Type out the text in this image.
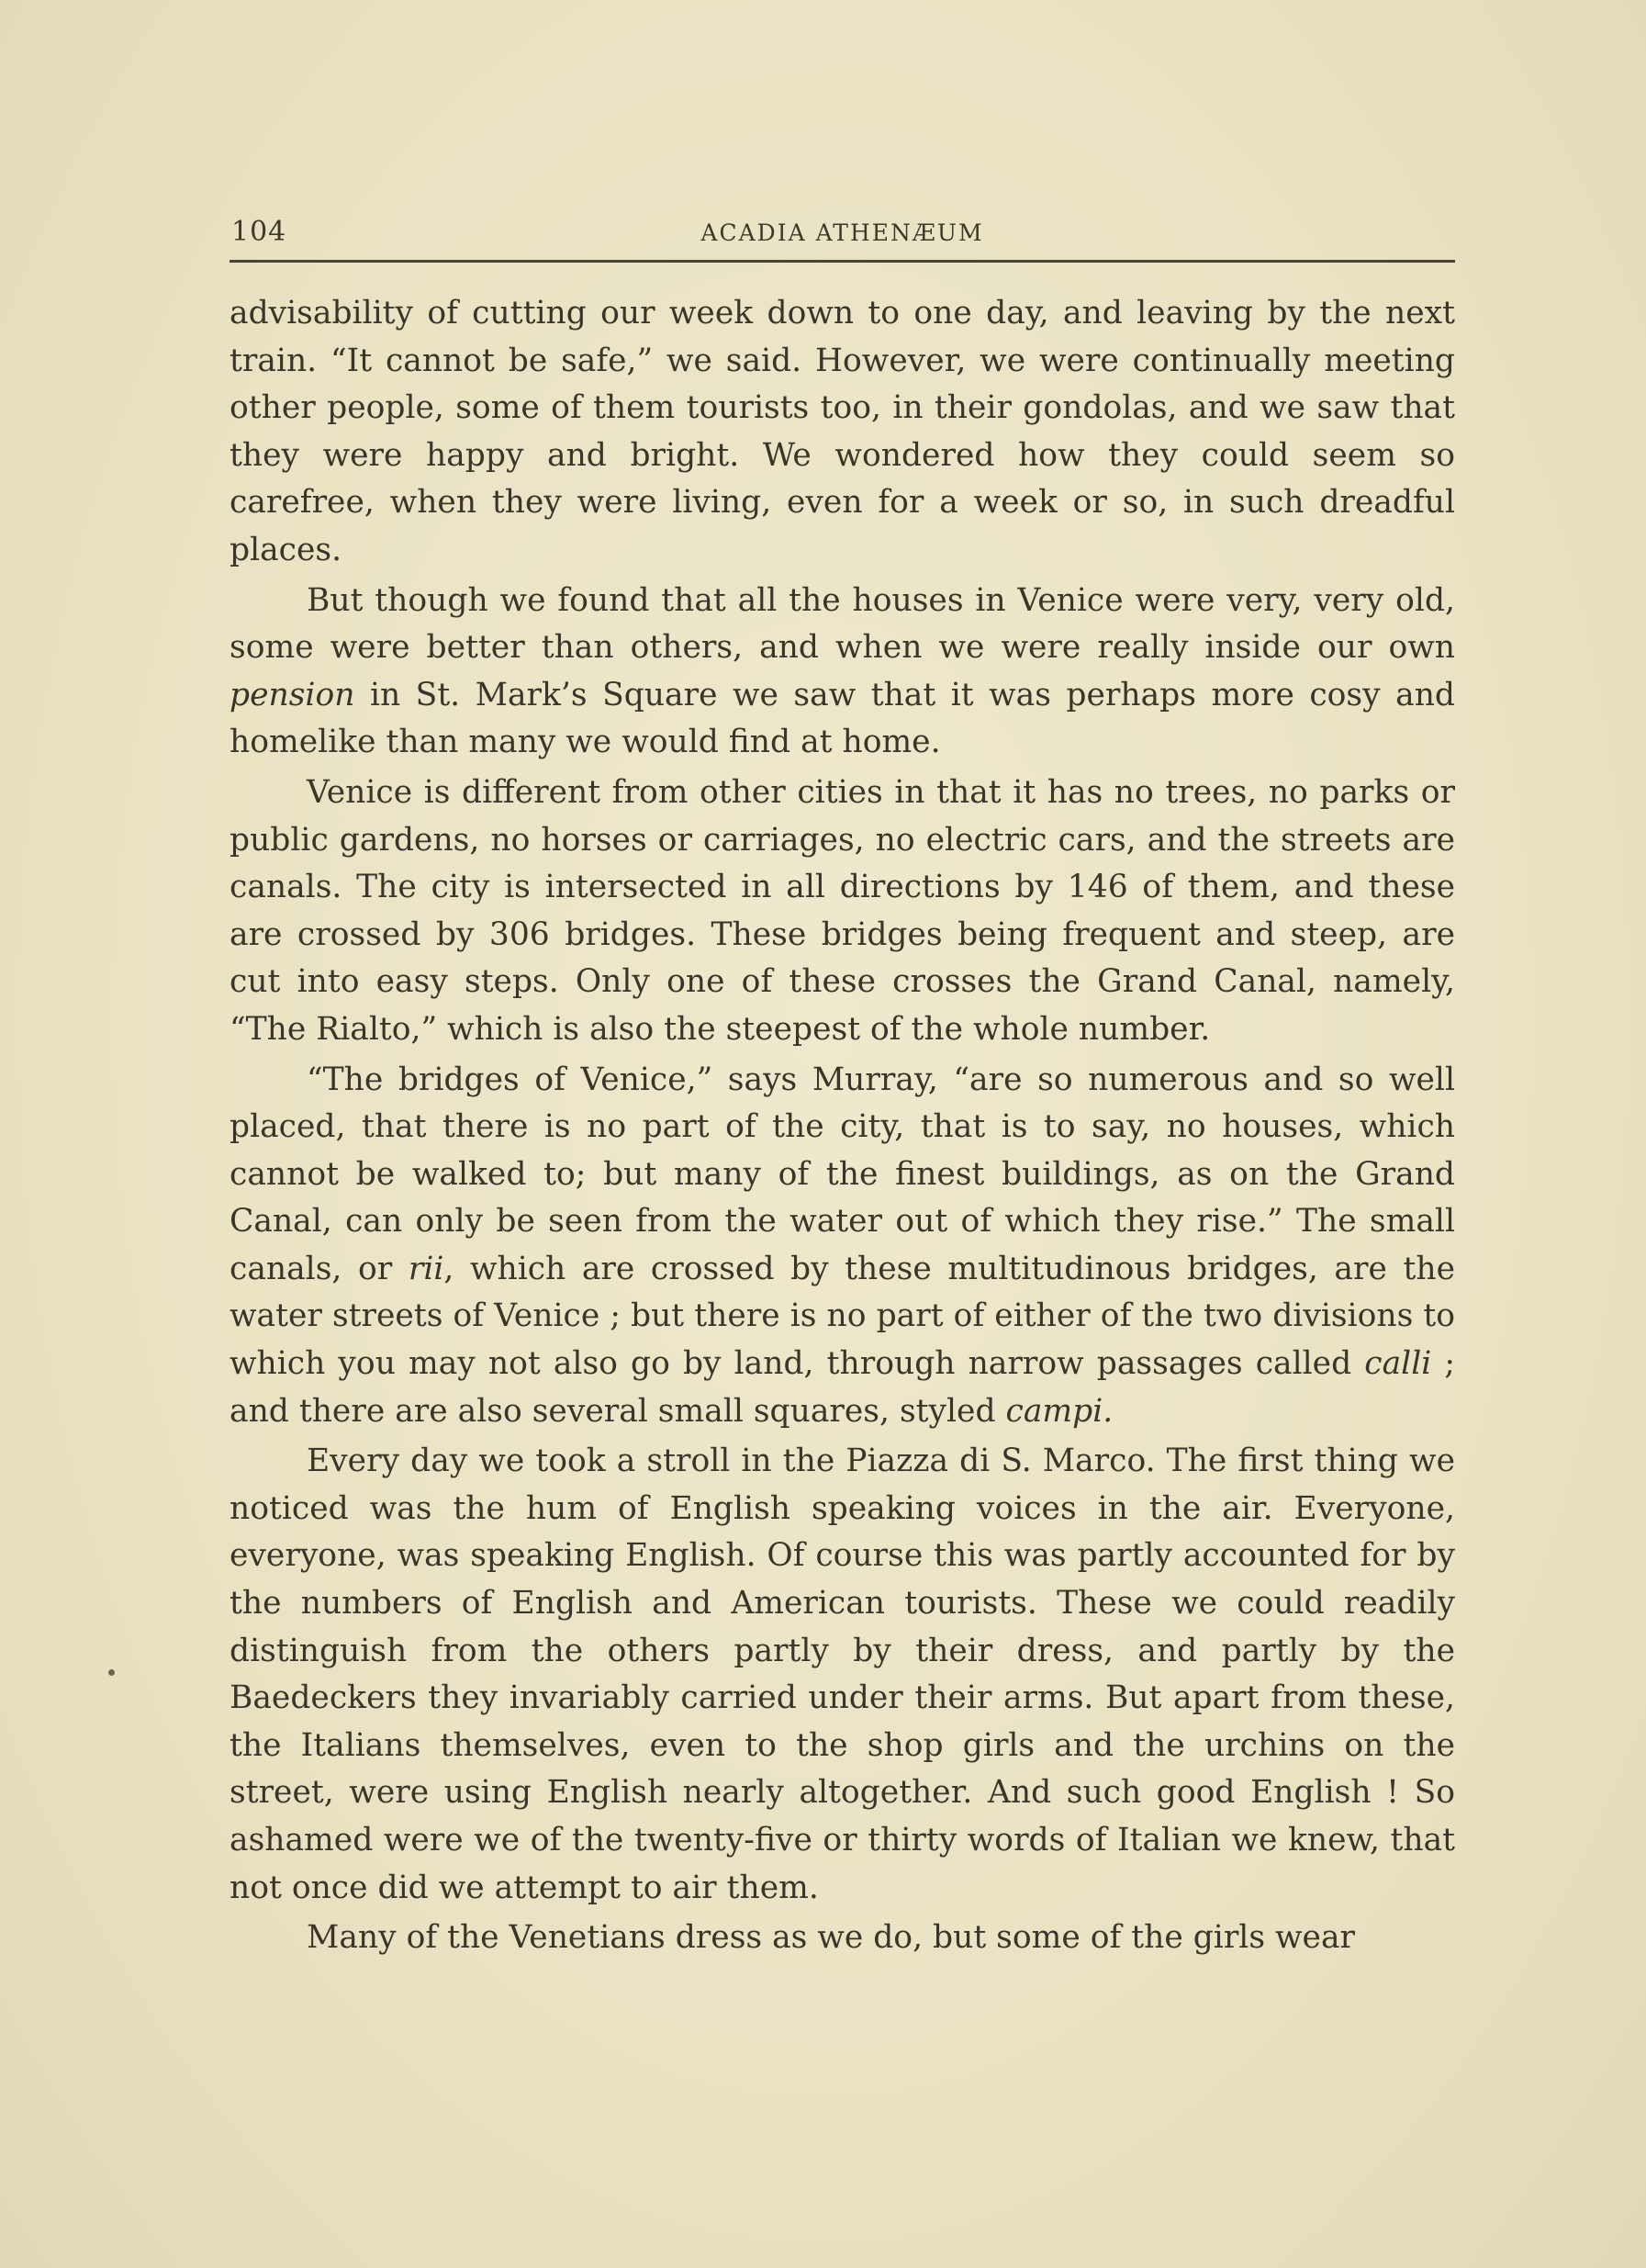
104	ACADIA ATHENÆUM

advisability of cutting our week down to one day, and leaving by the next train. “It cannot be safe,” we said. However, we were continually meeting other people, some of them tourists too, in their gondolas, and we saw that they were happy and bright. We wondered how they could seem so carefree, when they were living, even for a week or so, in such dreadful places.

But though we found that all the houses in Venice were very, very old, some were better than others, and when we were really inside our own pension in St. Mark’s Square we saw that it was perhaps more cosy and homelike than many we would find at home.

Venice is different from other cities in that it has no trees, no parks or public gardens, no horses or carriages, no electric cars, and the streets are canals. The city is intersected in all directions by 146 of them, and these are crossed by 306 bridges. These bridges being frequent and steep, are cut into easy steps. Only one of these crosses the Grand Canal, namely, “The Rialto,” which is also the steepest of the whole number.

“The bridges of Venice,” says Murray, “are so numerous and so well placed, that there is no part of the city, that is to say, no houses, which cannot be walked to; but many of the finest buildings, as on the Grand Canal, can only be seen from the water out of which they rise.” The small canals, or rii, which are crossed by these multitudinous bridges, are the water streets of Venice ; but there is no part of either of the two divisions to which you may not also go by land, through narrow passages called calli ; and there are also several small squares, styled campi.

Every day we took a stroll in the Piazza di S. Marco. The first thing we noticed was the hum of English speaking voices in the air. Everyone, everyone, was speaking English. Of course this was partly accounted for by the numbers of English and American tourists. These we could readily distinguish from the others partly by their dress, and partly by the Baedeckers they invariably carried under their arms. But apart from these, the Italians themselves, even to the shop girls and the urchins on the street, were using English nearly altogether. And such good English ! So ashamed were we of the twenty-five or thirty words of Italian we knew, that not once did we attempt to air them.

Many of the Venetians dress as we do, but some of the girls wear
